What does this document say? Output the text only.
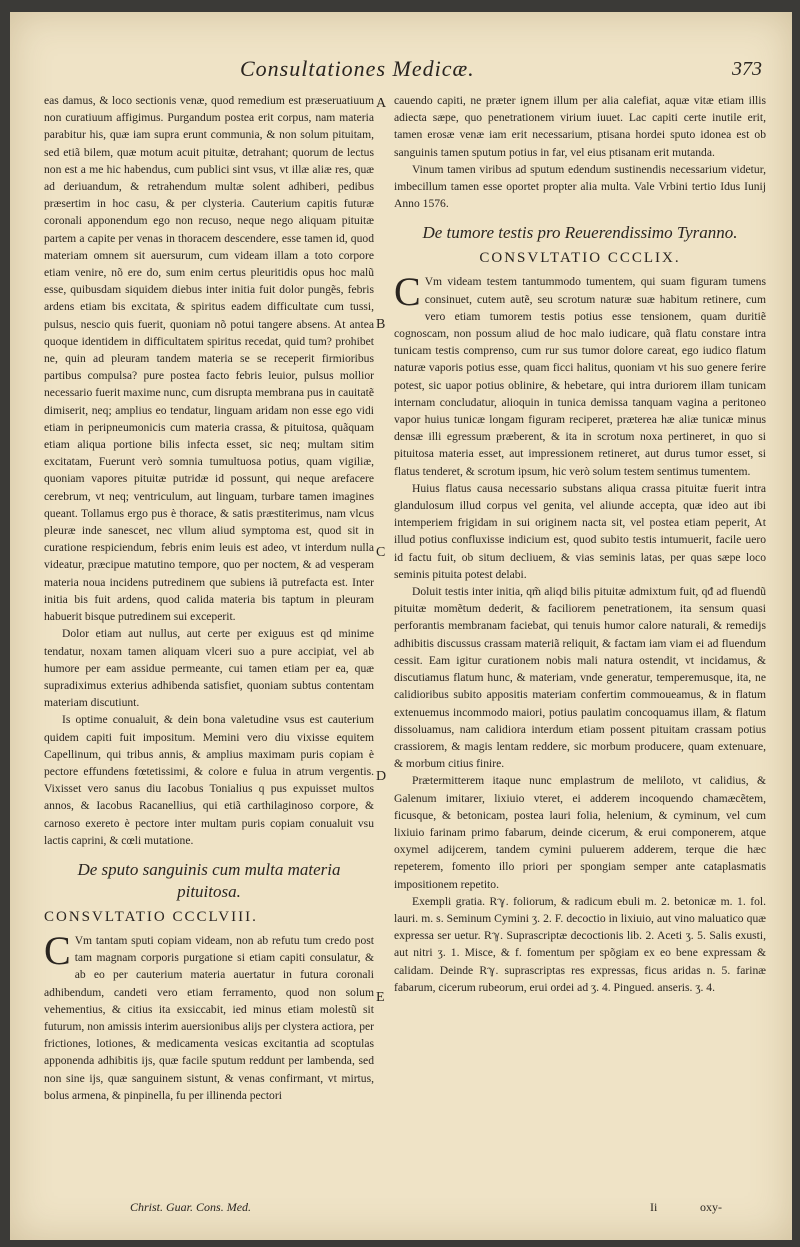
Consultationes Medicæ.	373

eas damus, & loco sectionis venæ, quod remedium est præseruatiuum non curatiuum affigimus. Purgandum postea erit corpus, nam materia parabitur his, quæ iam supra erunt communia, & non solum pituitam, sed etiã bilem, quæ motum acuit pituitæ, detrahant; quorum de lectus non est a me hic habendus, cum publici sint vsus, vt illæ aliæ res, quæ ad deriuandum, & retrahendum multæ solent adhiberi, pedibus præsertim in hoc casu, & per clysteria. Cauterium capitis futuræ coronali apponendum ego non recuso, neque nego aliquam pituitæ partem a capite per venas in thoracem descendere, esse tamen id, quod materiam omnem sit auersurum, cum videam illam a toto corpore etiam venire, nõ ere do, sum enim certus pleuritidis opus hoc malũ esse, quibusdam siquidem diebus inter initia fuit dolor pungẽs, febris ardens etiam bis excitata, & spiritus eadem difficultate cum tussi, pulsus, nescio quis fuerit, quoniam nõ potui tangere absens. At antea quoque identidem in difficultatem spiritus recedat, quid tum? prohibet ne, quin ad pleuram tandem materia se se receperit firmioribus partibus compulsa? pure postea facto febris leuior, pulsus mollior necessario fuerit maxime nunc, cum disrupta membrana pus in cauitatẽ dimiserit, neq; amplius eo tendatur, linguam aridam non esse ego vidi etiam in peripneumonicis cum materia crassa, & pituitosa, quãquam etiam aliqua portione bilis infecta esset, sic neq; multam sitim excitatam, Fuerunt verò somnia tumultuosa potius, quam vigiliæ, quoniam vapores pituitæ putridæ id possunt, qui neque arefacere cerebrum, vt neq; ventriculum, aut linguam, turbare tamen imagines queant. Tollamus ergo pus è thorace, & satis præstiterimus, nam vlcus pleuræ inde sanescet, nec vllum aliud symptoma est, quod sit in curatione respiciendum, febris enim leuis est adeo, vt interdum nulla videatur, præcipue matutino tempore, quo per noctem, & ad vesperam materia noua incidens putredinem que subiens iã putrefacta est. Inter initia bis fuit ardens, quod calida materia bis taptum in pleuram habuerit bisque putredinem sui exceperit.

Dolor etiam aut nullus, aut certe per exiguus est qd minime tendatur, noxam tamen aliquam vlceri suo a pure accipiat, vel ab humore per eam assidue permeante, cui tamen etiam per ea, quæ supradiximus exterius adhibenda satisfiet, quoniam subtus contentam materiam discutiunt.

Is optime conualuit, & dein bona valetudine vsus est cauterium quidem capiti fuit impositum. Memini vero diu vixisse equitem Capellinum, qui tribus annis, & amplius maximam puris copiam è pectore effundens fœtetissimi, & colore e fulua in atrum vergentis. Vixisset vero sanus diu Iacobus Tonialius q pus expuisset multos annos, & Iacobus Racanellius, qui etiã carthilaginoso corpore, & carnoso exereto è pectore inter multam puris copiam conualuit vsu lactis caprini, & cœli mutatione.

De sputo sanguinis cum multa materia pituitosa.
CONSVLTATIO CCCLVIII.

CVm tantam sputi copiam videam, non ab refutu tum credo post tam magnam corporis purgatione si etiam capiti consulatur, & ab eo per cauterium materia auertatur in futura coronali adhibendum, candeti vero etiam ferramento, quod non solum vehementius, & citius ita exsiccabit, ied minus etiam molestũ sit futurum, non amissis interim auersionibus alijs per clystera actiora, per frictiones, lotiones, & medicamenta vesicas excitantia ad scoptulas apponenda adhibitis ijs, quæ facile sputum reddunt per lambenda, sed non sine ijs, quæ sanguinem sistunt, & venas confirmant, vt mirtus, bolus armena, & pinpinella, fu per illinenda pectori

A
B
C
D
E

cauendo capiti, ne præter ignem illum per alia calefiat, aquæ vitæ etiam illis adiecta sæpe, quo penetrationem virium iuuet. Lac capiti certe inutile erit, tamen erosæ venæ iam erit necessarium, ptisana hordei sputo idonea est ob sanguinis tamen sputum potius in far, vel eius ptisanam erit mutanda.

Vinum tamen viribus ad sputum edendum sustinendis necessarium videtur, imbecillum tamen esse oportet propter alia multa. Vale Vrbini tertio Idus Iunij Anno 1576.

De tumore testis pro Reuerendissimo Tyranno.
CONSVLTATIO CCCLIX.

CVm videam testem tantummodo tumentem, qui suam figuram tumens consinuet, cutem autẽ, seu scrotum naturæ suæ habitum retinere, cum vero etiam tumorem testis potius esse tensionem, quam duritiẽ cognoscam, non possum aliud de hoc malo iudicare, quã flatu constare intra tunicam testis comprenso, cum rur sus tumor dolore careat, ego iudico flatum naturæ vaporis potius esse, quam ficci halitus, quoniam vt his suo genere ferire potest, sic uapor potius oblinire, & hebetare, qui intra duriorem illam tunicam internam concludatur, alioquin in tunica demissa tanquam vagina a peritoneo vapor huius tunicæ longam figuram reciperet, præterea hæ aliæ tunicæ minus densæ illi egressum præberent, & ita in scrotum noxa pertineret, in quo si pituitosa materia esset, aut impressionem retineret, aut durus tumor esset, si flatus tenderet, & scrotum ipsum, hic verò solum testem sentimus tumentem.

Huius flatus causa necessario substans aliqua crassa pituitæ fuerit intra glandulosum illud corpus vel genita, vel aliunde accepta, quæ ideo aut ibi intemperiem frigidam in sui originem nacta sit, vel postea etiam peperit, At illud potius confluxisse indicium est, quod subito testis intumuerit, facile uero id factu fuit, ob situm decliuem, & vias seminis latas, per quas sæpe loco seminis pituita potest delabi.

Doluit testis inter initia, qm̃ aliqd bilis pituitæ admixtum fuit, qđ ad fluendũ pituitæ momẽtum dederit, & faciliorem penetrationem, ita sensum quasi perforantis membranam faciebat, qui tenuis humor calore naturali, & remedijs adhibitis discussus crassam materiã reliquit, & factam iam viam ei ad fluendum cessit. Eam igitur curationem nobis mali natura ostendit, vt incidamus, & discutiamus flatum hunc, & materiam, vnde generatur, temperemusque, ita, ne calidioribus subito appositis materiam confertim commoueamus, & in flatum extenuemus incommodo maiori, potius paulatim concoquamus illam, & flatum dissoluamus, nam calidiora interdum etiam possent pituitam crassam potius crassiorem, & magis lentam reddere, sic morbum producere, quam extenuare, & morbum citius finire.

Prætermitterem itaque nunc emplastrum de meliloto, vt calidius, & Galenum imitarer, lixiuio vteret, ei adderem incoquendo chamæcẽtem, ficusque, & betonicam, postea lauri folia, helenium, & cyminum, vel cum lixiuio farinam primo fabarum, deinde cicerum, & erui componerem, atque oxymel adijcerem, tandem cymini puluerem adderem, terque die hæc repeterem, fomento illo priori per spongiam semper ante cataplasmatis impositionem repetito.

Exempli gratia. Rℽ. foliorum, & radicum ebuli m. 2. betonicæ m. 1. fol. lauri. m. s. Seminum Cymini ʒ. 2. F. decoctio in lixiuio, aut vino maluatico quæ expressa ser uetur. Rℽ. Suprascriptæ decoctionis lib. 2. Aceti ʒ. 5. Salis exusti, aut nitri ʒ. 1. Misce, & f. fomentum per spõgiam ex eo bene expressam & calidam. Deinde Rℽ. suprascriptas res expressas, ficus aridas n. 5. farinæ fabarum, cicerum rubeorum, erui ordei ad ʒ. 4. Pingued. anseris. ʒ. 4.

Christ. Guar. Cons. Med.	Ii	oxy-
